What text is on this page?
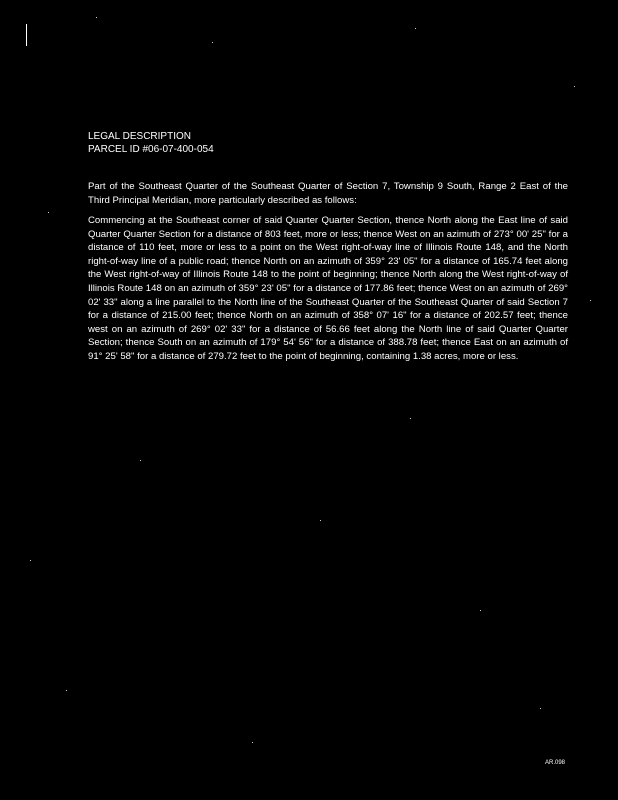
LEGAL DESCRIPTION
PARCEL ID #06-07-400-054
Part of the Southeast Quarter of the Southeast Quarter of Section 7, Township 9 South, Range 2 East of the Third Principal Meridian, more particularly described as follows:
Commencing at the Southeast corner of said Quarter Quarter Section, thence North along the East line of said Quarter Quarter Section for a distance of 803 feet, more or less; thence West on an azimuth of 273° 00' 25" for a distance of 110 feet, more or less to a point on the West right-of-way line of Illinois Route 148, and the North right-of-way line of a public road; thence North on an azimuth of 359° 23' 05" for a distance of 165.74 feet along the West right-of-way of Illinois Route 148 to the point of beginning; thence North along the West right-of-way of Illinois Route 148 on an azimuth of 359° 23' 05" for a distance of 177.86 feet; thence West on an azimuth of 269° 02' 33" along a line parallel to the North line of the Southeast Quarter of the Southeast Quarter of said Section 7 for a distance of 215.00 feet; thence North on an azimuth of 358° 07' 16" for a distance of 202.57 feet; thence west on an azimuth of 269° 02' 33" for a distance of 56.66 feet along the North line of said Quarter Quarter Section; thence South on an azimuth of 179° 54' 56" for a distance of 388.78 feet; thence East on an azimuth of 91° 25' 58" for a distance of 279.72 feet to the point of beginning, containing 1.38 acres, more or less.
AR.098
